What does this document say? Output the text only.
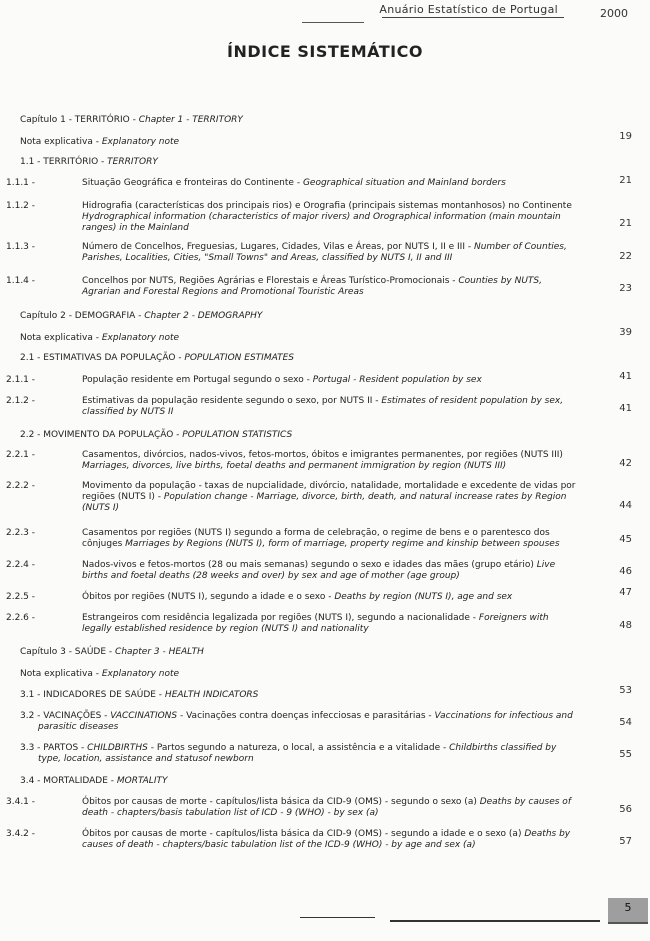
Anuário Estatístico de Portugal	2000
ÍNDICE SISTEMÁTICO
Capítulo 1 - TERRITÓRIO - Chapter 1 - TERRITORY
Nota explicativa - Explanatory note	19
1.1 - TERRITÓRIO - TERRITORY
1.1.1 -	Situação Geográfica e fronteiras do Continente - Geographical situation and Mainland borders	21
1.1.2 -	Hidrografia (características dos principais rios) e Orografia (principais sistemas montanhosos) no Continente Hydrographical information (characteristics of major rivers) and Orographical information (main mountain ranges) in the Mainland	21
1.1.3 -	Número de Concelhos, Freguesias, Lugares, Cidades, Vilas e Áreas, por NUTS I, II e III - Number of Counties, Parishes, Localities, Cities, "Small Towns" and Areas, classified by NUTS I, II and III	22
1.1.4 -	Concelhos por NUTS, Regiões Agrárias e Florestais e Áreas Turístico-Promocionais - Counties by NUTS, Agrarian and Forestal Regions and Promotional Touristic Areas	23
Capítulo 2 - DEMOGRAFIA - Chapter 2 - DEMOGRAPHY
Nota explicativa - Explanatory note	39
2.1 - ESTIMATIVAS DA POPULAÇÃO - POPULATION ESTIMATES
2.1.1 -	População residente em Portugal segundo o sexo - Portugal - Resident population by sex	41
2.1.2 -	Estimativas da população residente segundo o sexo, por NUTS II - Estimates of resident population by sex, classified by NUTS II	41
2.2 - MOVIMENTO DA POPULAÇÃO - POPULATION STATISTICS
2.2.1 -	Casamentos, divórcios, nados-vivos, fetos-mortos, óbitos e imigrantes permanentes, por regiões (NUTS III) Marriages, divorces, live births, foetal deaths and permanent immigration by region (NUTS III)	42
2.2.2 -	Movimento da população - taxas de nupcialidade, divórcio, natalidade, mortalidade e excedente de vidas por regiões (NUTS I) - Population change - Marriage, divorce, birth, death, and natural increase rates by Region (NUTS I)	44
2.2.3 -	Casamentos por regiões (NUTS I) segundo a forma de celebração, o regime de bens e o parentesco dos cônjuges Marriages by Regions (NUTS I), form of marriage, property regime and kinship between spouses	45
2.2.4 -	Nados-vivos e fetos-mortos (28 ou mais semanas) segundo o sexo e idades das mães (grupo etário) Live births and foetal deaths (28 weeks and over) by sex and age of mother (age group)	46
2.2.5 -	Óbitos por regiões (NUTS I), segundo a idade e o sexo - Deaths by region (NUTS I), age and sex	47
2.2.6 -	Estrangeiros com residência legalizada por regiões (NUTS I), segundo a nacionalidade - Foreigners with legally established residence by region (NUTS I) and nationality	48
Capítulo 3 - SAÚDE - Chapter 3 - HEALTH
Nota explicativa - Explanatory note
3.1 - INDICADORES DE SAÚDE - HEALTH INDICATORS	53
3.2 - VACINAÇÕES - VACCINATIONS - Vacinações contra doenças infecciosas e parasitárias - Vaccinations for infectious and parasitic diseases	54
3.3 - PARTOS - CHILDBIRTHS - Partos segundo a natureza, o local, a assistência e a vitalidade - Childbirths classified by type, location, assistance and statusof newborn	55
3.4 - MORTALIDADE - MORTALITY
3.4.1 -	Óbitos por causas de morte - capítulos/lista básica da CID-9 (OMS) - segundo o sexo (a) Deaths by causes of death - chapters/basis tabulation list of ICD - 9 (WHO) - by sex (a)	56
3.4.2 -	Óbitos por causas de morte - capítulos/lista básica da CID-9 (OMS) - segundo a idade e o sexo (a) Deaths by causes of death - chapters/basic tabulation list of the ICD-9 (WHO) - by age and sex (a)	57
5
